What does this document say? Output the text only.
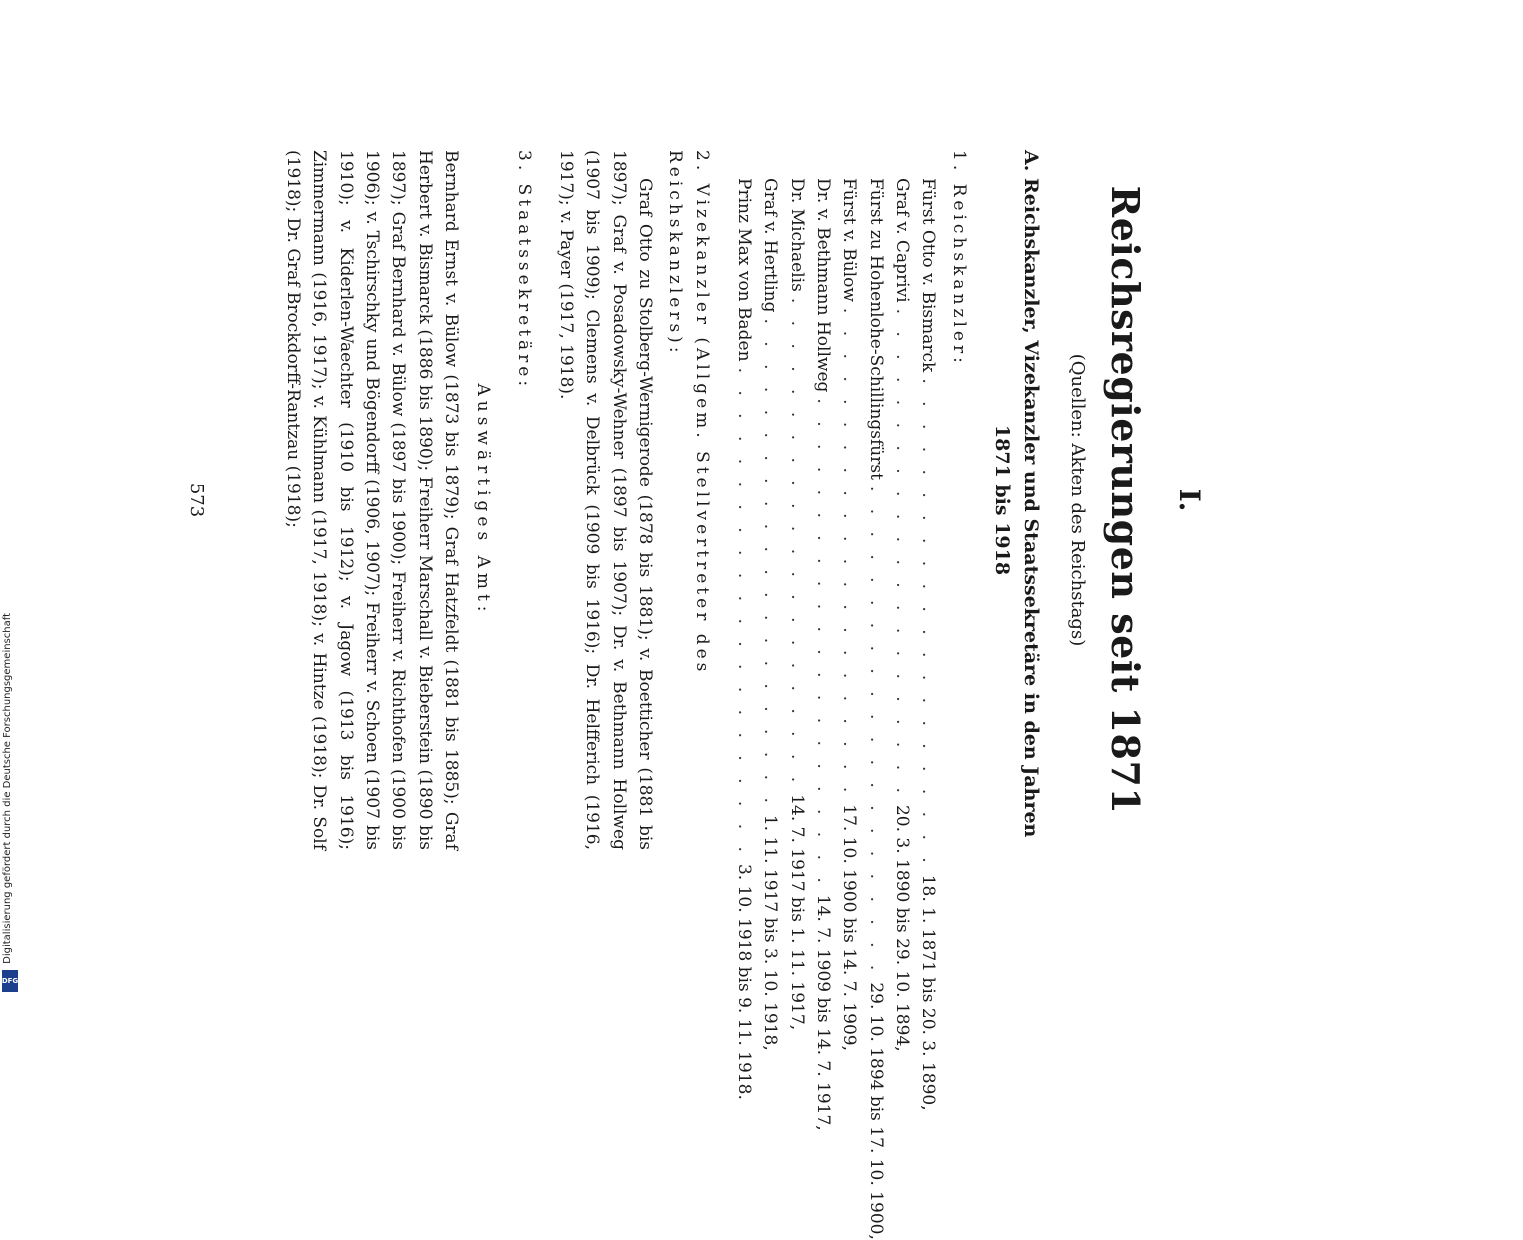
I.
Reichsregierungen seit 1871
(Quellen: Akten des Reichstags)
A. Reichskanzler, Vizekanzler und Staatssekretäre in den Jahren
1871 bis 1918
1. Reichskanzler:
Fürst Otto v. Bismarck
. . . . . . . . . . . . . . . . . . . . . .
18. 1. 1871 bis 20. 3. 1890,
Graf v. Caprivi
. . . . . . . . . . . . . . . . . . . . . .
20. 3. 1890 bis 29. 10. 1894,
Fürst zu Hohenlohe-Schillingsfürst
. . . . . . . . . . . . . . . . . . . . . .
29. 10. 1894 bis 17. 10. 1900,
Fürst v. Bülow
. . . . . . . . . . . . . . . . . . . . . .
17. 10. 1900 bis 14. 7. 1909,
Dr. v. Bethmann Hollweg
. . . . . . . . . . . . . . . . . . . . . .
14. 7. 1909 bis 14. 7. 1917,
Dr. Michaelis
. . . . . . . . . . . . . . . . . . . . . .
14. 7. 1917 bis 1. 11. 1917,
Graf v. Hertling
. . . . . . . . . . . . . . . . . . . . . .
1. 11. 1917 bis 3. 10. 1918,
Prinz Max von Baden
. . . . . . . . . . . . . . . . . . . . . .
3. 10. 1918 bis 9. 11. 1918.
2. Vizekanzler (Allgem. Stellvertreter des Reichskanzlers):

Graf Otto zu Stolberg-Wernigerode (1878 bis 1881); v. Boetticher (1881 bis 1897); Graf v. Posadowsky-Wehner (1897 bis 1907); Dr. v. Bethmann Hollweg (1907 bis 1909); Clemens v. Delbrück (1909 bis 1916); Dr. Helfferich (1916, 1917); v. Payer (1917, 1918).

3. Staatssekretäre:
Auswärtiges Amt:

Bernhard Ernst v. Bülow (1873 bis 1879); Graf Hatzfeldt (1881 bis 1885); Graf Herbert v. Bismarck (1886 bis 1890); Freiherr Marschall v. Bieberstein (1890 bis 1897); Graf Bernhard v. Bülow (1897 bis 1900); Freiherr v. Richthofen (1900 bis 1906); v. Tschirschky und Bögendorff (1906, 1907); Freiherr v. Schoen (1907 bis 1910); v. Kiderlen-Waechter (1910 bis 1912); v. Jagow (1913 bis 1916); Zimmermann (1916, 1917); v. Kühlmann (1917, 1918); v. Hintze (1918); Dr. Solf (1918); Dr. Graf Brockdorff-Rantzau (1918);

573
Digitalisierung gefördert durch die Deutsche Forschungsgemeinschaft
DFG
